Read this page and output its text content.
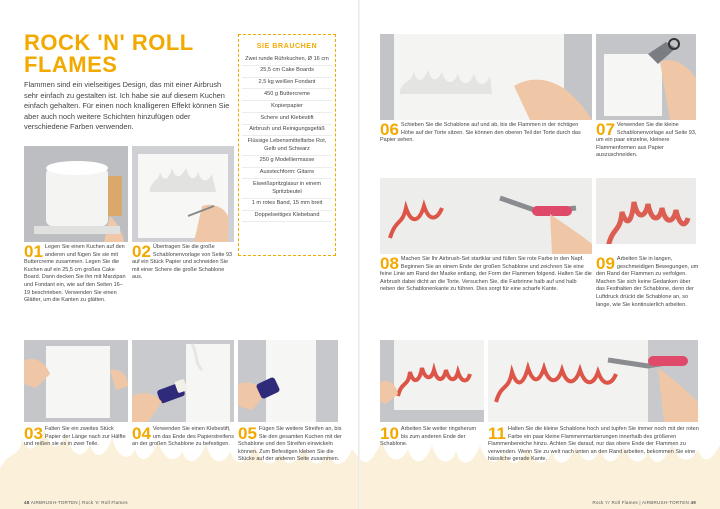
ROCK 'N' ROLL
FLAMES
Flammen sind ein vielseitiges Design, das mit einer Airbrush sehr einfach zu gestalten ist. Ich habe sie auf diesem Kuchen einfach gehalten. Für einen noch knalligeren Effekt können Sie aber auch noch weitere Schichten hinzufügen oder verschiedene Farben verwenden.
SIE BRAUCHEN
Zwei runde Rührkuchen, Ø 16 cm
25,5 cm Cake Boards
2,5 kg weißen Fondant
450 g Buttercreme
Kopierpapier
Schere und Klebestift
Airbrush und Reinigungsgefäß
Flüssige Lebensmittelfarbe Rot, Gelb und Schwarz
250 g Modelliermasse
Ausstechform: Gitarre
Eiweißspritzglasur in einem Spritzbeutel
1 m rotes Band, 15 mm breit
Doppelseitiges Klebeband
01 Legen Sie einen Kuchen auf den anderen und fügen Sie sie mit Buttercreme zusammen. Legen Sie die Kuchen auf ein 25,5 cm großes Cake Board. Dann decken Sie ihn mit Marzipan und Fondant ein, wie auf den Seiten 16–19 beschrieben. Verwenden Sie einen Glätter, um die Kanten zu glätten.
02 Übertragen Sie die große Schablonenvorlage von Seite 93 auf ein Stück Papier und schneiden Sie mit einer Schere die große Schablone aus.
03 Falten Sie ein zweites Stück Papier der Länge nach zur Hälfte und reißen sie es in zwei Teile.
04 Verwenden Sie einen Klebestift, um das Ende des Papierstreifens an der großen Schablone zu befestigen.
05 Fügen Sie weitere Streifen an, bis Sie den gesamten Kuchen mit der Schablone und den Streifen einwickeln können. Zum Befestigen kleben Sie die Stücke auf der anderen Seite zusammen.
48 AIRBRUSH-TORTEN | Rock 'n' Roll Flames
06 Schieben Sie die Schablone auf und ab, bis die Flammen in der richtigen Höhe auf der Torte sitzen. Sie können den oberen Teil der Torte durch das Papier sehen.
07 Verwenden Sie die kleine Schablonenvorlage auf Seite 93, um ein paar einzelne, kleinere Flammenformen aus Papier auszuschneiden.
08 Machen Sie Ihr Airbrush-Set startklar und füllen Sie rote Farbe in den Napf. Beginnen Sie an einem Ende der großen Schablone und zeichnen Sie eine feine Linie am Rand der Maske entlang, der Form der Flammen folgend. Halten Sie die Airbrush dabei dicht an die Torte. Versuchen Sie, die Farbrinne halb auf und halb neben der Schablonenkante zu führen. Dies sorgt für eine scharfe Kante.
09 Arbeiten Sie in langen, geschmeidigen Bewegungen, um den Rand der Flammen zu verfolgen. Machen Sie sich keine Gedanken über das Festhalten der Schablone, denn der Luftdruck drückt die Schablone an, so lange, wie Sie kontinuierlich arbeiten.
10 Arbeiten Sie weiter ringsherum bis zum anderen Ende der Schablone.
11 Halten Sie die kleine Schablone hoch und tupfen Sie immer noch mit der roten Farbe ein paar kleine Flammenmarkierungen innerhalb des größeren Flammenbereiche hinzu. Achten Sie darauf, nur das obere Ende der Flammen zu verwenden. Wenn Sie zu weit nach unten an den Rand arbeiten, bekommen Sie eine hässliche gerade Kante.
Rock 'n' Roll Flames | AIRBRUSH-TORTEN 49
